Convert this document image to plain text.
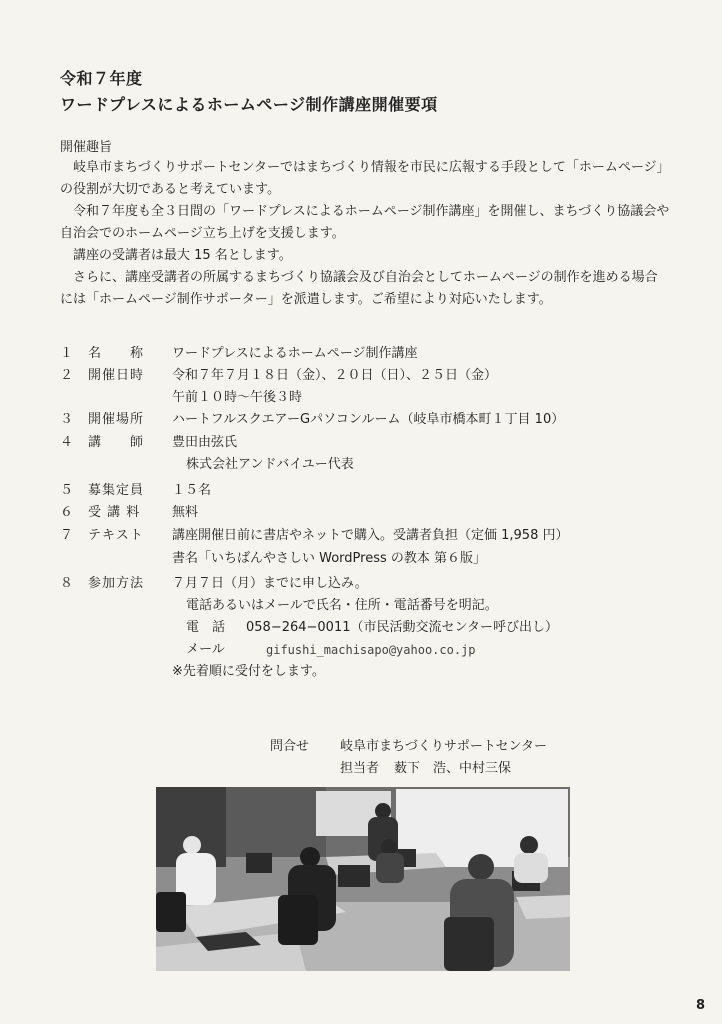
令和７年度
ワードプレスによるホームページ制作講座開催要項
開催趣旨

　岐阜市まちづくりサポートセンターではまちづくり情報を市民に広報する手段として「ホームページ」の役割が大切であると考えています。

　令和７年度も全３日間の「ワードプレスによるホームページ制作講座」を開催し、まちづくり協議会や自治会でのホームページ立ち上げを支援します。

　講座の受講者は最大 15 名とします。

　さらに、講座受講者の所属するまちづくり協議会及び自治会としてホームページの制作を進める場合には「ホームページ制作サポーター」を派遣します。ご希望により対応いたします。

１	名　　称	ワードプレスによるホームページ制作講座
２	開催日時	令和７年７月１８日（金）、２０日（日）、２５日（金）
午前１０時〜午後３時
３	開催場所	ハートフルスクエアーGパソコンルーム（岐阜市橋本町１丁目 10）
４	講　　師	豊田由弦氏
株式会社アンドバイユー代表
５	募集定員	１５名
６	受 講 料	無料
７	テキスト	講座開催日前に書店やネットで購入。受講者負担（定価 1,958 円）
書名「いちばんやさしい WordPress の教本 第６版」
８	参加方法	７月７日（月）までに申し込み。
電話あるいはメールで氏名・住所・電話番号を明記。
電　話 058−264−0011（市民活動交流センター呼び出し）
メール	gifushi_machisapo@yahoo.co.jp
※先着順に受付をします。
問合せ 岐阜市まちづくりサポートセンター
担当者 薮下　浩、中村三保
8
